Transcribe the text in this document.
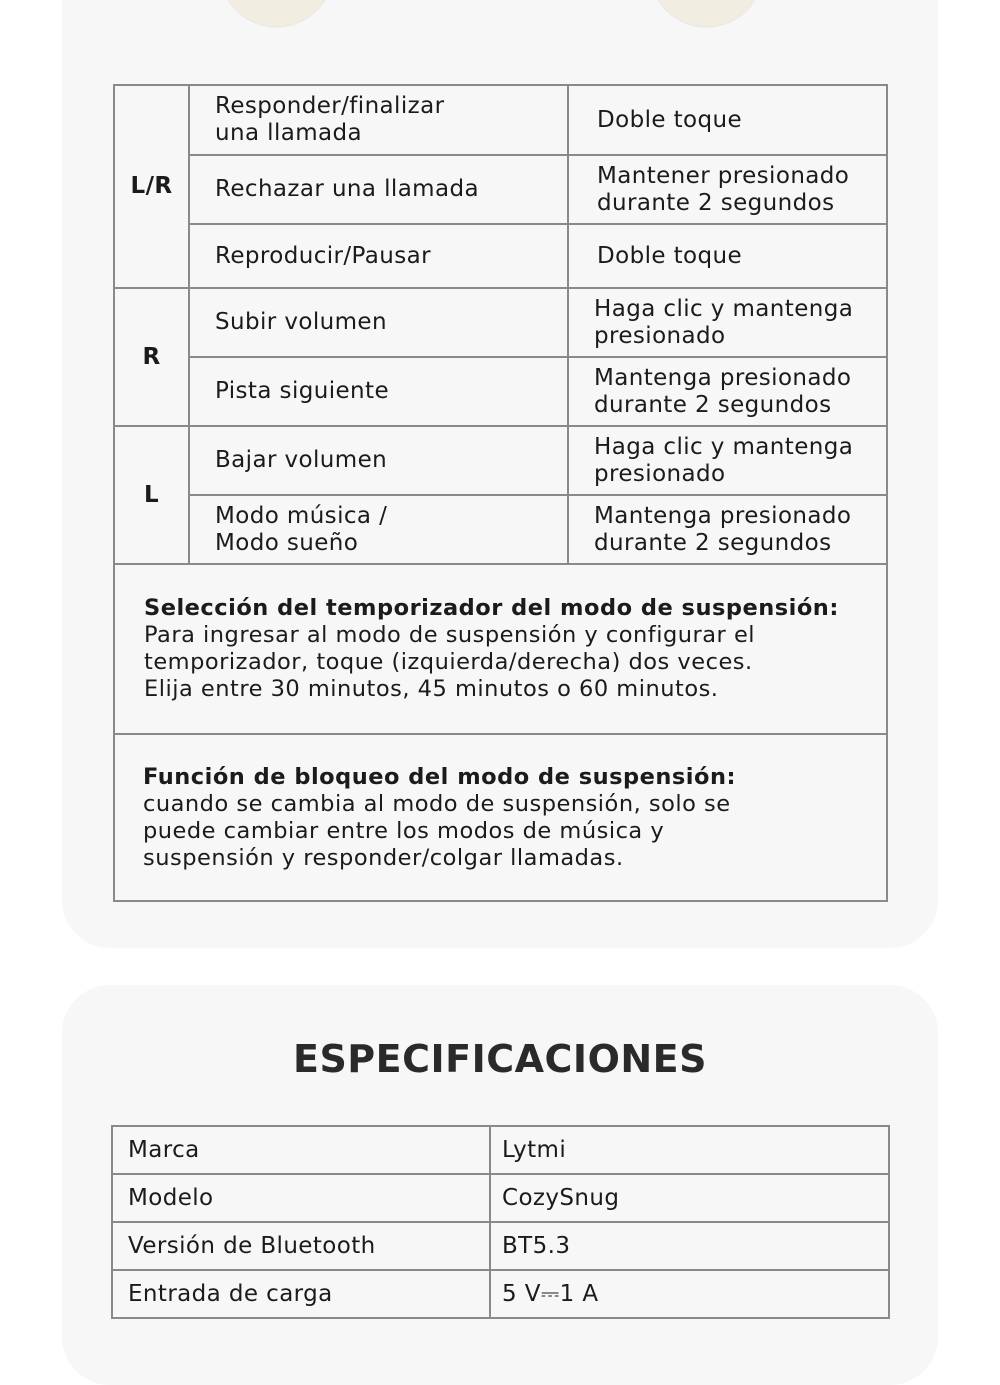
L/R	Responder/finalizar una llamada	Doble toque
	Rechazar una llamada	Mantener presionado durante 2 segundos

	Reproducir/Pausar	Doble toque
R	Subir volumen	Haga clic y mantenga presionado

	Pista siguiente	Mantenga presionado durante 2 segundos

L	Bajar volumen	Haga clic y mantenga presionado

	Modo música / Modo sueño	Mantenga presionado durante 2 segundos

Selección del temporizador del modo de suspensión:
Para ingresar al modo de suspensión y configurar el temporizador, toque (izquierda/derecha) dos veces. Elija entre 30 minutos, 45 minutos o 60 minutos.		

Función de bloqueo del modo de suspensión:
cuando se cambia al modo de suspensión, solo se puede cambiar entre los modos de música y suspensión y responder/colgar llamadas.		
ESPECIFICACIONES
Marca	Lytmi
Modelo	CozySnug
Versión de Bluetooth	BT5.3
Entrada de carga	5 V⎓1 A
